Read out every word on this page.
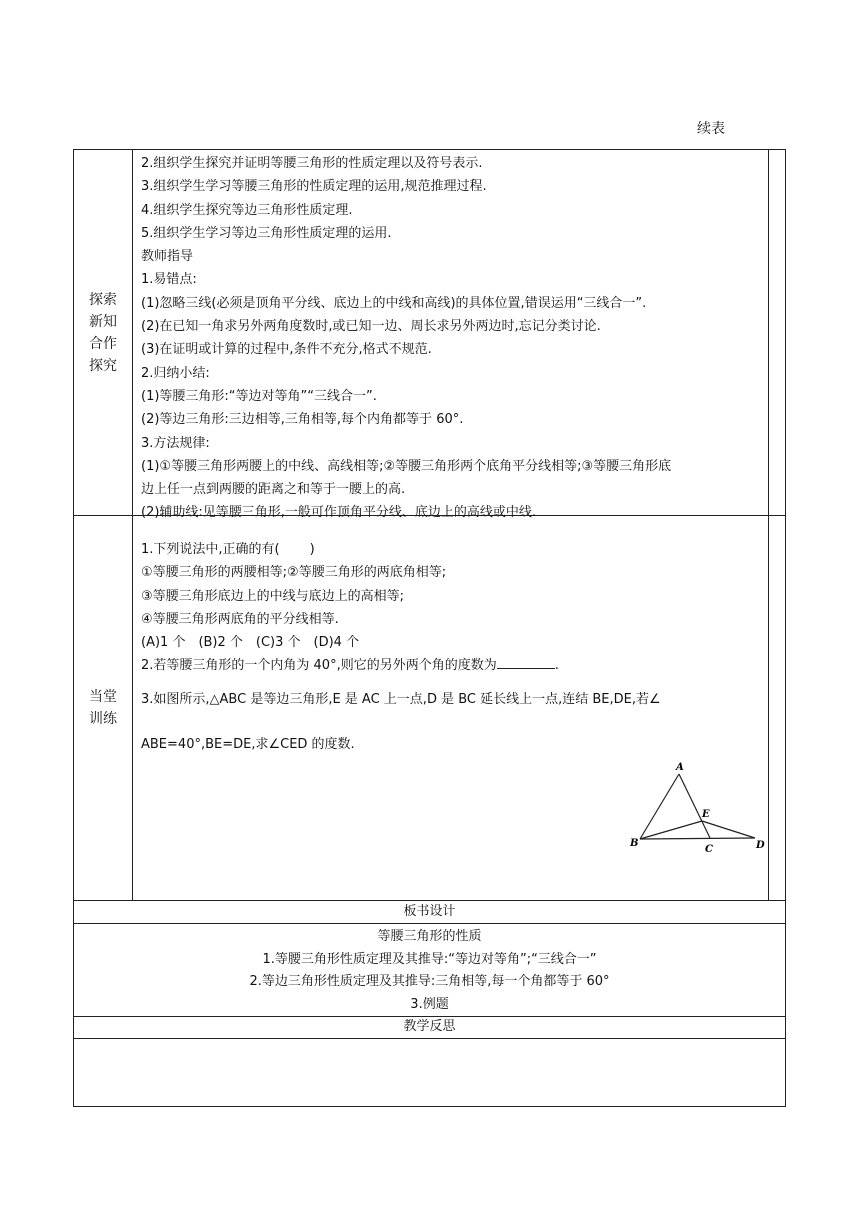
续表
探索
新知
合作
探究
2.组织学生探究并证明等腰三角形的性质定理以及符号表示.
3.组织学生学习等腰三角形的性质定理的运用,规范推理过程.
4.组织学生探究等边三角形性质定理.
5.组织学生学习等边三角形性质定理的运用.
教师指导
1.易错点:
(1)忽略三线(必须是顶角平分线、底边上的中线和高线)的具体位置,错误运用“三线合一”.
(2)在已知一角求另外两角度数时,或已知一边、周长求另外两边时,忘记分类讨论.
(3)在证明或计算的过程中,条件不充分,格式不规范.
2.归纳小结:
(1)等腰三角形:“等边对等角”“三线合一”.
(2)等边三角形:三边相等,三角相等,每个内角都等于 60°.
3.方法规律:
(1)①等腰三角形两腰上的中线、高线相等;②等腰三角形两个底角平分线相等;③等腰三角形底
边上任一点到两腰的距离之和等于一腰上的高.
(2)辅助线:见等腰三角形,一般可作顶角平分线、底边上的高线或中线.
当堂
训练
1.下列说法中,正确的有( )
①等腰三角形的两腰相等;②等腰三角形的两底角相等;
③等腰三角形底边上的中线与底边上的高相等;
④等腰三角形两底角的平分线相等.
(A)1 个　(B)2 个　(C)3 个　(D)4 个
2.若等腰三角形的一个内角为 40°,则它的另外两个角的度数为	.
3.如图所示,△ABC 是等边三角形,E 是 AC 上一点,D 是 BC 延长线上一点,连结 BE,DE,若∠
ABE=40°,BE=DE,求∠CED 的度数.
A
B
C	D
E
板书设计
等腰三角形的性质
1.等腰三角形性质定理及其推导:“等边对等角”;“三线合一”
2.等边三角形性质定理及其推导:三角相等,每一个角都等于 60°
3.例题
教学反思
